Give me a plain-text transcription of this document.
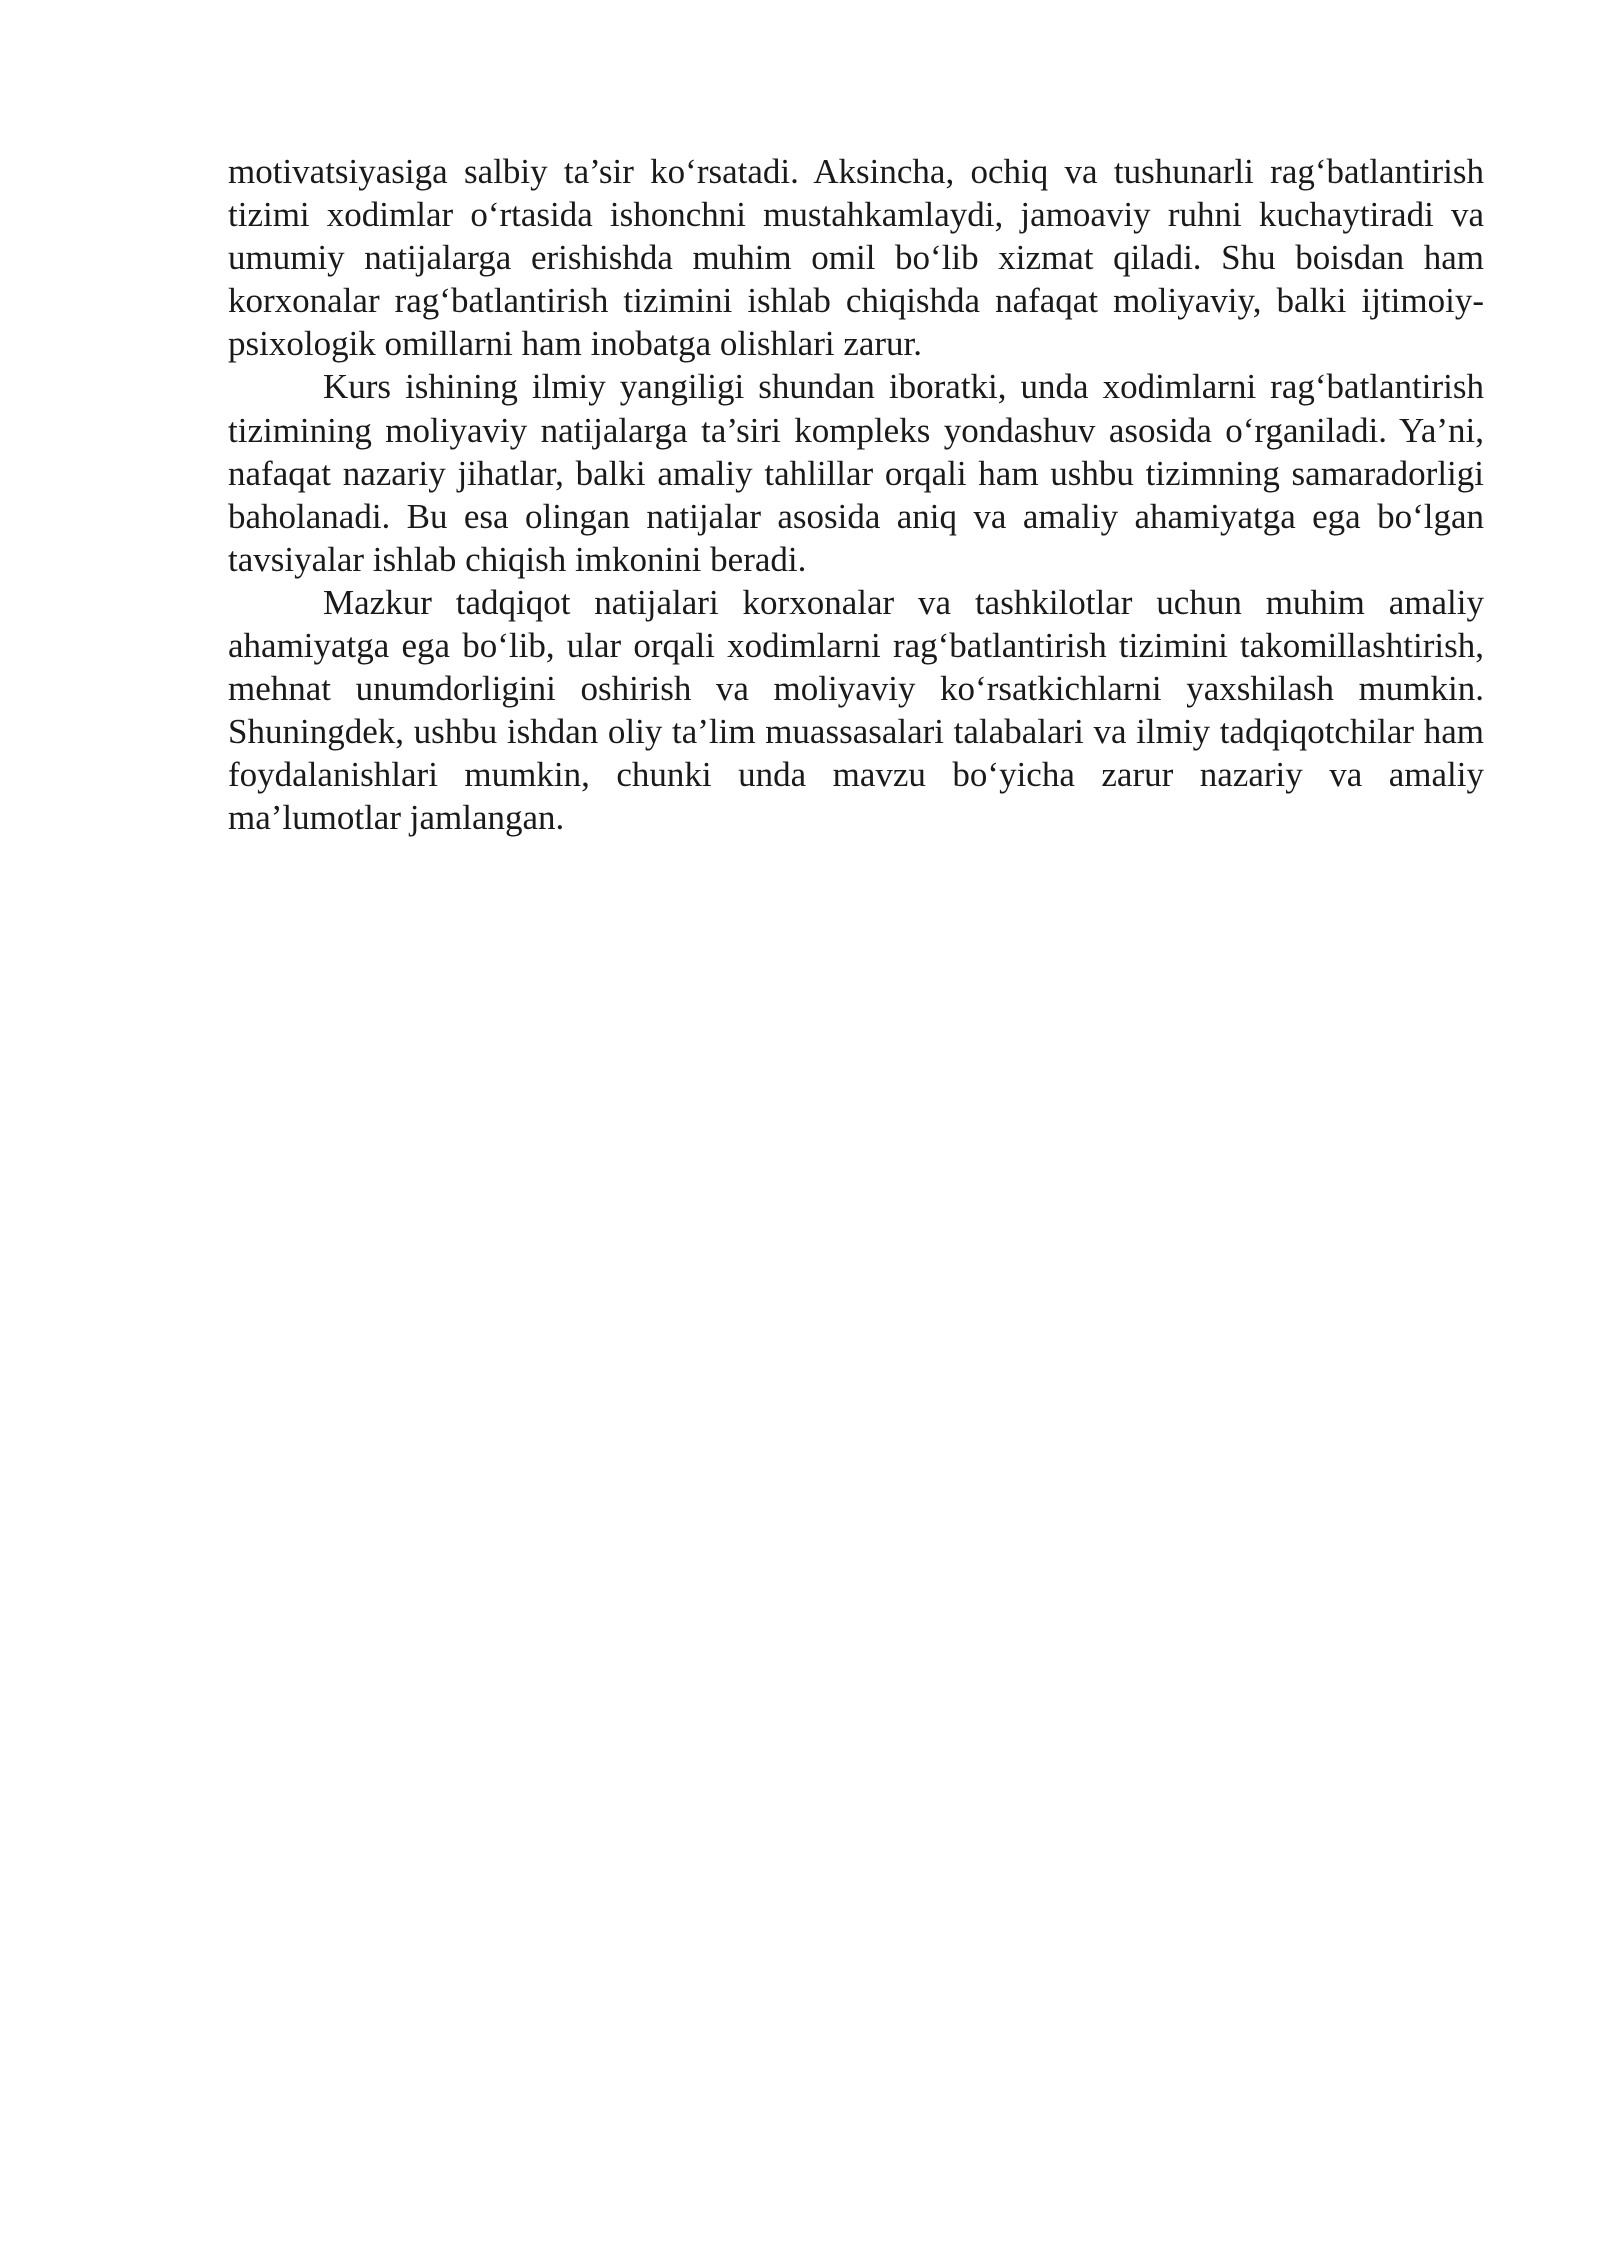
motivatsiyasiga salbiy ta’sir ko‘rsatadi. Aksincha, ochiq va tushunarli rag‘batlantirish tizimi xodimlar o‘rtasida ishonchni mustahkamlaydi, jamoaviy ruhni kuchaytiradi va umumiy natijalarga erishishda muhim omil bo‘lib xizmat qiladi. Shu boisdan ham korxonalar rag‘batlantirish tizimini ishlab chiqishda nafaqat moliyaviy, balki ijtimoiy-psixologik omillarni ham inobatga olishlari zarur.

Kurs ishining ilmiy yangiligi shundan iboratki, unda xodimlarni rag‘batlantirish tizimining moliyaviy natijalarga ta’siri kompleks yondashuv asosida o‘rganiladi. Ya’ni, nafaqat nazariy jihatlar, balki amaliy tahlillar orqali ham ushbu tizimning samaradorligi baholanadi. Bu esa olingan natijalar asosida aniq va amaliy ahamiyatga ega bo‘lgan tavsiyalar ishlab chiqish imkonini beradi.

Mazkur tadqiqot natijalari korxonalar va tashkilotlar uchun muhim amaliy ahamiyatga ega bo‘lib, ular orqali xodimlarni rag‘batlantirish tizimini takomillashtirish, mehnat unumdorligini oshirish va moliyaviy ko‘rsatkichlarni yaxshilash mumkin. Shuningdek, ushbu ishdan oliy ta’lim muassasalari talabalari va ilmiy tadqiqotchilar ham foydalanishlari mumkin, chunki unda mavzu bo‘yicha zarur nazariy va amaliy ma’lumotlar jamlangan.
